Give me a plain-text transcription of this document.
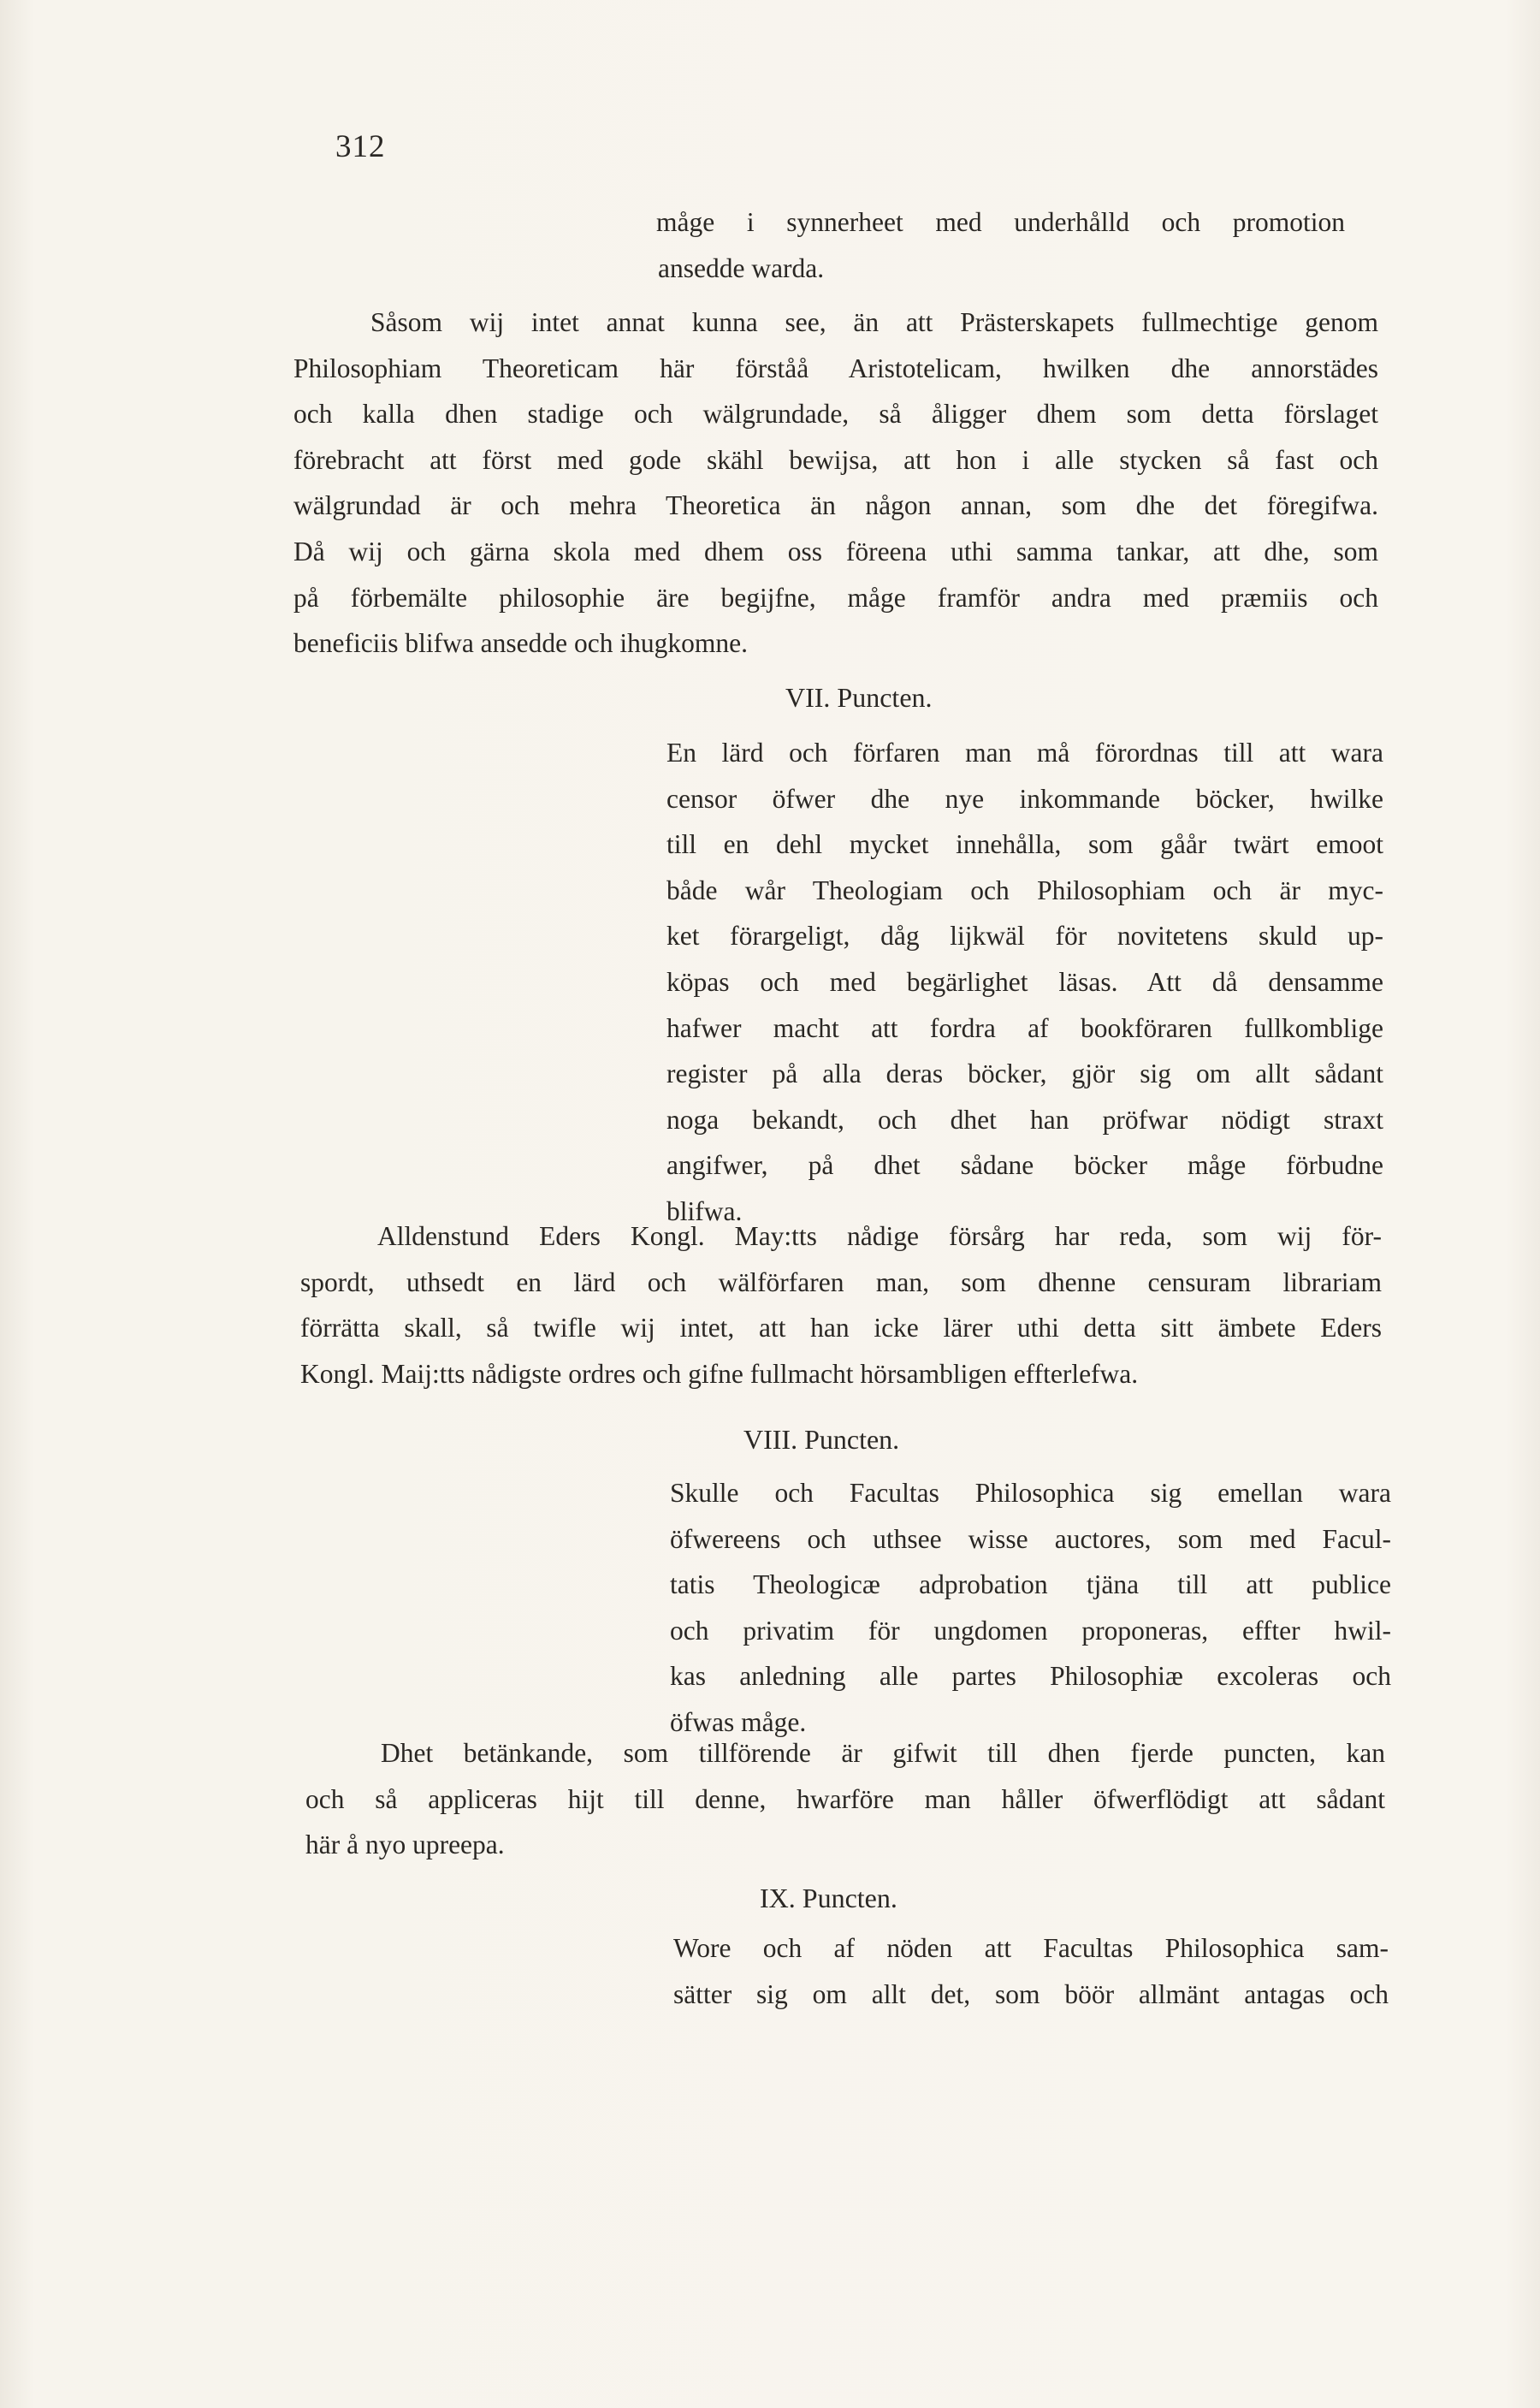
312
måge i synnerheet med underhålld och promotion
ansedde warda.
Såsom wij intet annat kunna see, än att Prästerskapets fullmechtige genom
Philosophiam Theoreticam här förståå Aristotelicam, hwilken dhe annorstädes
och kalla dhen stadige och wälgrundade, så åligger dhem som detta förslaget
förebracht att först med gode skähl bewijsa, att hon i alle stycken så fast och
wälgrundad är och mehra Theoretica än någon annan, som dhe det föregifwa.
Då wij och gärna skola med dhem oss föreena uthi samma tankar, att dhe, som
på förbemälte philosophie äre begijfne, måge framför andra med præmiis och
beneficiis blifwa ansedde och ihugkomne.
VII. Puncten.
En lärd och förfaren man må förordnas till att wara
censor öfwer dhe nye inkommande böcker, hwilke
till en dehl mycket innehålla, som gåår twärt emoot
både wår Theologiam och Philosophiam och är myc-
ket förargeligt, dåg lijkwäl för novitetens skuld up-
köpas och med begärlighet läsas. Att då densamme
hafwer macht att fordra af bookföraren fullkomblige
register på alla deras böcker, gjör sig om allt sådant
noga bekandt, och dhet han pröfwar nödigt straxt
angifwer, på dhet sådane böcker måge förbudne
blifwa.
Alldenstund Eders Kongl. May:tts nådige försårg har reda, som wij för-
spordt, uthsedt en lärd och wälförfaren man, som dhenne censuram librariam
förrätta skall, så twifle wij intet, att han icke lärer uthi detta sitt ämbete Eders
Kongl. Maij:tts nådigste ordres och gifne fullmacht hörsambligen effterlefwa.
VIII. Puncten.
Skulle och Facultas Philosophica sig emellan wara
öfwereens och uthsee wisse auctores, som med Facul-
tatis Theologicæ adprobation tjäna till att publice
och privatim för ungdomen proponeras, effter hwil-
kas anledning alle partes Philosophiæ excoleras och
öfwas måge.
Dhet betänkande, som tillförende är gifwit till dhen fjerde puncten, kan
och så appliceras hijt till denne, hwarföre man håller öfwerflödigt att sådant
här å nyo upreepa.
IX. Puncten.
Wore och af nöden att Facultas Philosophica sam-
sätter sig om allt det, som böör allmänt antagas och
